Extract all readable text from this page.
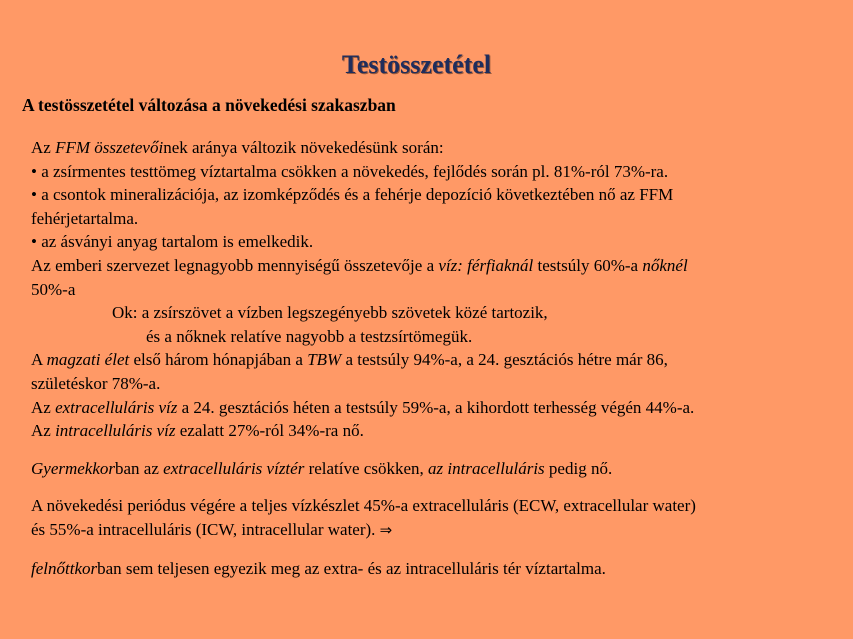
Testösszetétel
A testösszetétel változása a növekedési szakaszban
Az FFM összetevőinek aránya változik növekedésünk során:
• a zsírmentes testtömeg víztartalma csökken a növekedés, fejlődés során pl. 81%-ról 73%-ra.
• a csontok mineralizációja, az izomképződés és a fehérje depozíció következtében nő az FFM
fehérjetartalma.
• az ásványi anyag tartalom is emelkedik.
Az emberi szervezet legnagyobb mennyiségű összetevője a víz: férfiaknál testsúly 60%-a nőknél
50%-a
Ok: a zsírszövet a vízben legszegényebb szövetek közé tartozik,
és a nőknek relatíve nagyobb a testzsírtömegük.
A magzati élet első három hónapjában a TBW a testsúly 94%-a, a 24. gesztációs hétre már 86,
születéskor 78%-a.
Az extracelluláris víz a 24. gesztációs héten a testsúly 59%-a, a kihordott terhesség végén 44%-a.
Az intracelluláris víz ezalatt 27%-ról 34%-ra nő.
Gyermekkorban az extracelluláris víztér relatíve csökken, az intracelluláris pedig nő.
A növekedési periódus végére a teljes vízkészlet 45%-a extracelluláris (ECW, extracellular water)
és 55%-a intracelluláris (ICW, intracellular water). ⇒
felnőttkorban sem teljesen egyezik meg az extra- és az intracelluláris tér víztartalma.
